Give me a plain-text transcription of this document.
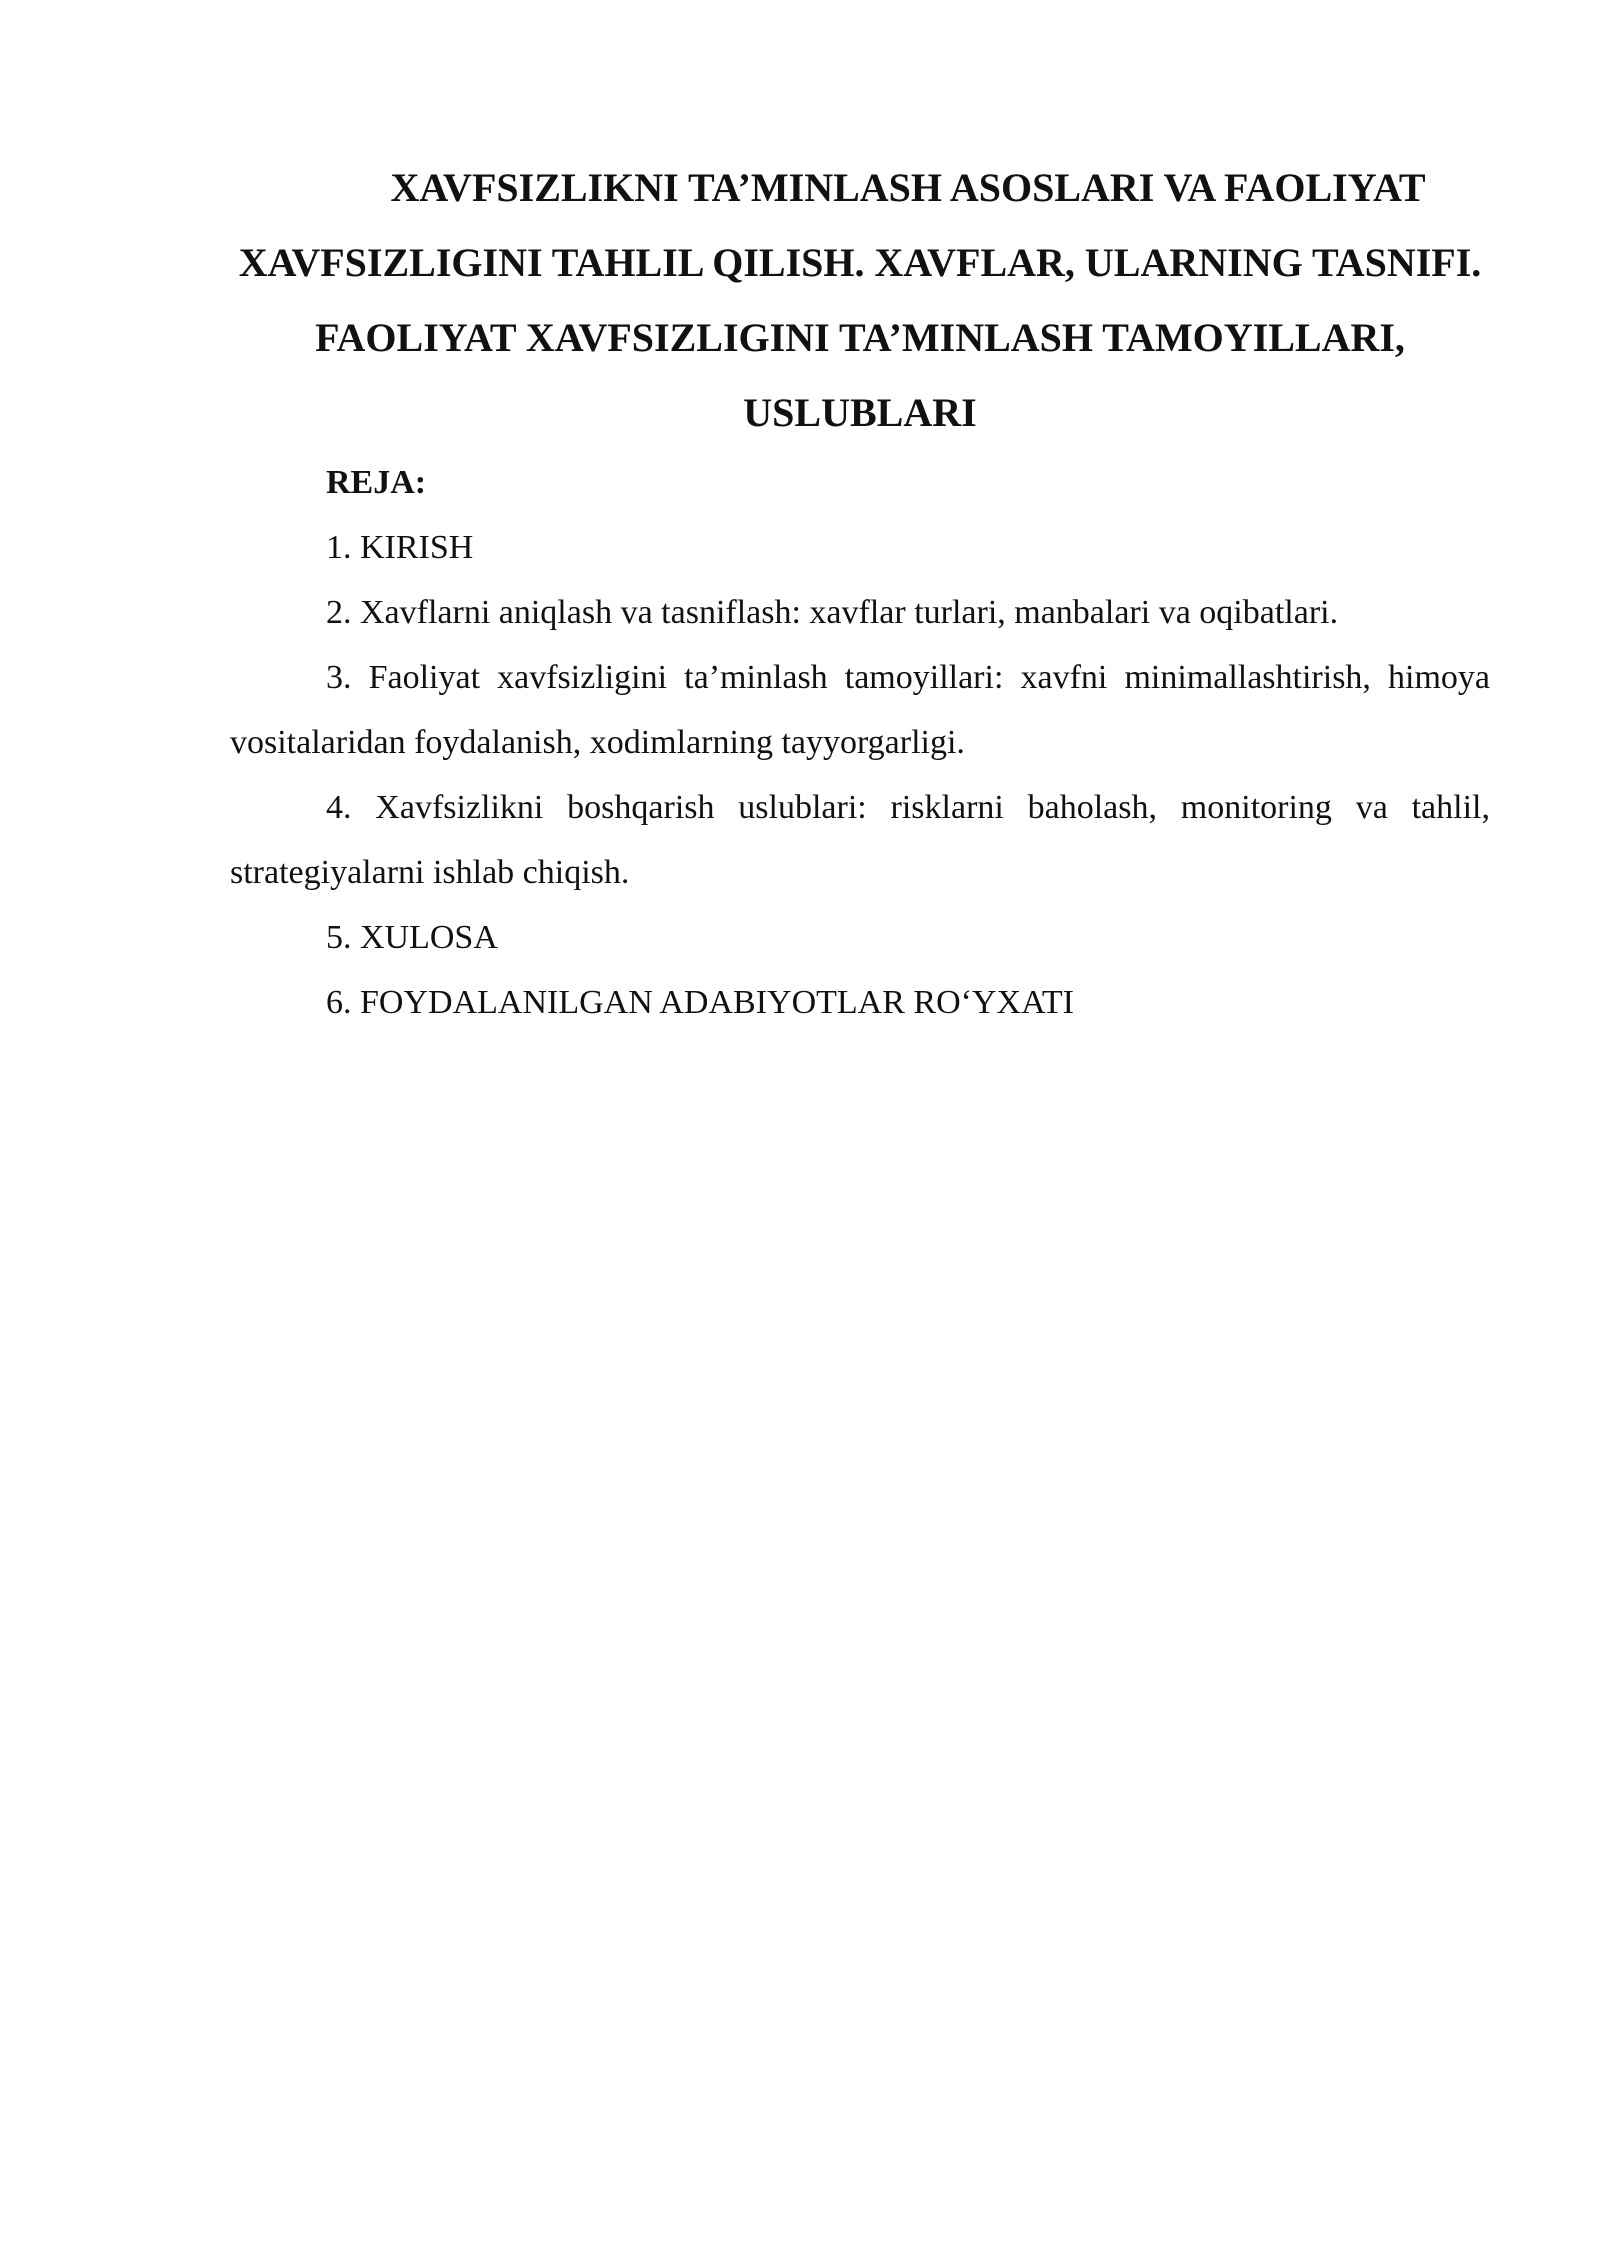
XAVFSIZLIKNI TA’MINLASH ASOSLARI VA FAOLIYAT XAVFSIZLIGINI TAHLIL QILISH. XAVFLAR, ULARNING TASNIFI. FAOLIYAT XAVFSIZLIGINI TA’MINLASH TAMOYILLARI, USLUBLARI

REJA:

1. KIRISH

2. Xavflarni aniqlash va tasniflash: xavflar turlari, manbalari va oqibatlari.

3. Faoliyat xavfsizligini ta’minlash tamoyillari: xavfni minimallashtirish, himoya vositalaridan foydalanish, xodimlarning tayyorgarligi.

4. Xavfsizlikni boshqarish uslublari: risklarni baholash, monitoring va tahlil, strategiyalarni ishlab chiqish.

5. XULOSA

6. FOYDALANILGAN ADABIYOTLAR RO‘YXATI
